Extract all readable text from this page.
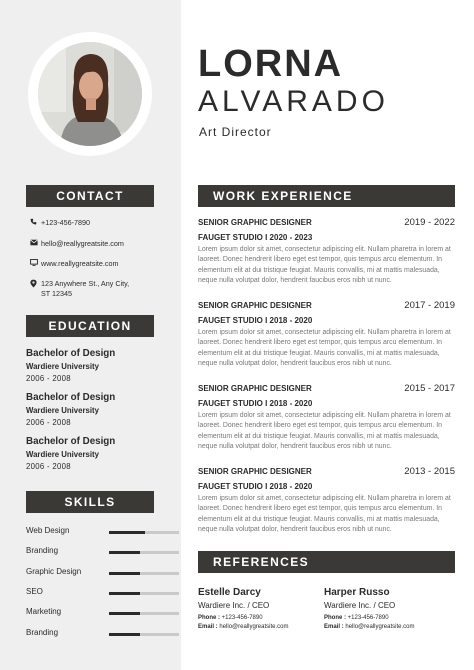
CONTACT
+123-456-7890
hello@reallygreatsite.com
www.reallygreatsite.com
123 Anywhere St., Any City,
ST 12345
EDUCATION
Bachelor of Design
Wardiere University
2006 - 2008
Bachelor of Design
Wardiere University
2006 - 2008
Bachelor of Design
Wardiere University
2006 - 2008
SKILLS
Web Design
Branding
Graphic Design
SEO
Marketing
Branding
LORNA
ALVARADO
Art Director
WORK EXPERIENCE
SENIOR GRAPHIC DESIGNER	2019 - 2022
FAUGET STUDIO I 2020 - 2023
Lorem ipsum dolor sit amet, consectetur adipiscing elit. Nullam pharetra in lorem at laoreet. Donec hendrerit libero eget est tempor, quis tempus arcu elementum. In elementum elit at dui tristique feugiat. Mauris convallis, mi at mattis malesuada, neque nulla volutpat dolor, hendrerit faucibus eros nibh ut nunc.
SENIOR GRAPHIC DESIGNER	2017 - 2019
FAUGET STUDIO I 2018 - 2020
Lorem ipsum dolor sit amet, consectetur adipiscing elit. Nullam pharetra in lorem at laoreet. Donec hendrerit libero eget est tempor, quis tempus arcu elementum. In elementum elit at dui tristique feugiat. Mauris convallis, mi at mattis malesuada, neque nulla volutpat dolor, hendrerit faucibus eros nibh ut nunc.
SENIOR GRAPHIC DESIGNER	2015 - 2017
FAUGET STUDIO I 2018 - 2020
Lorem ipsum dolor sit amet, consectetur adipiscing elit. Nullam pharetra in lorem at laoreet. Donec hendrerit libero eget est tempor, quis tempus arcu elementum. In elementum elit at dui tristique feugiat. Mauris convallis, mi at mattis malesuada, neque nulla volutpat dolor, hendrerit faucibus eros nibh ut nunc.
SENIOR GRAPHIC DESIGNER	2013 - 2015
FAUGET STUDIO I 2018 - 2020
Lorem ipsum dolor sit amet, consectetur adipiscing elit. Nullam pharetra in lorem at laoreet. Donec hendrerit libero eget est tempor, quis tempus arcu elementum. In elementum elit at dui tristique feugiat. Mauris convallis, mi at mattis malesuada, neque nulla volutpat dolor, hendrerit faucibus eros nibh ut nunc.
REFERENCES
Estelle Darcy
Wardiere Inc. / CEO
Phone : +123-456-7890
Email : hello@reallygreatsite.com
Harper Russo
Wardiere Inc. / CEO
Phone : +123-456-7890
Email : hello@reallygreatsite.com
